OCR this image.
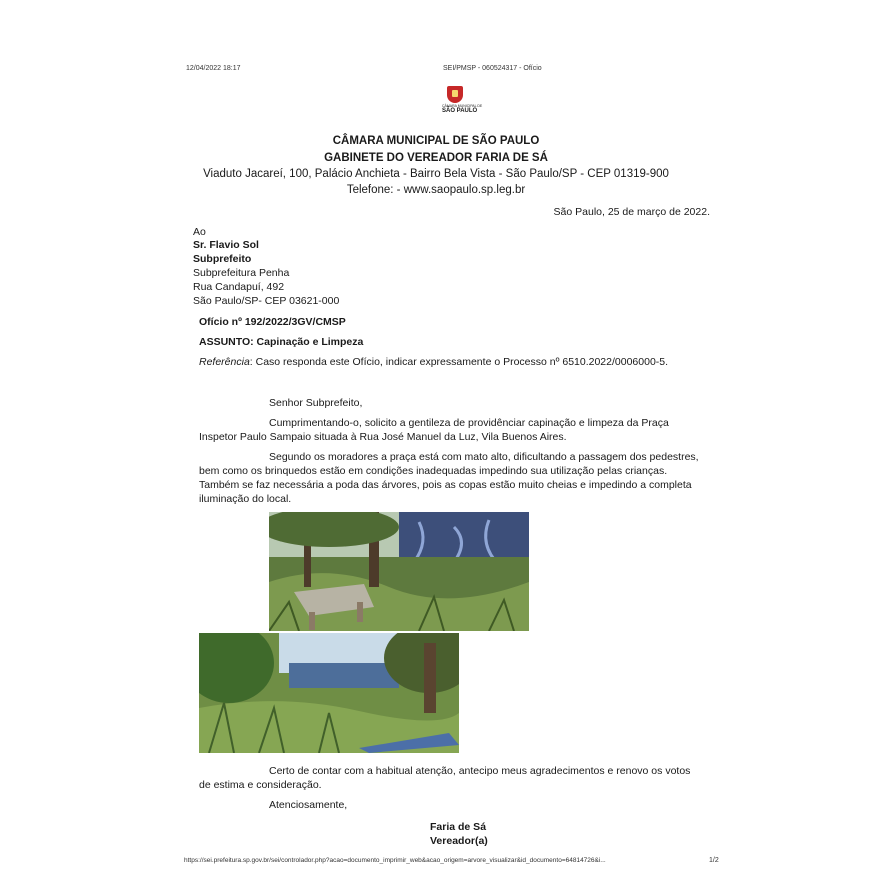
12/04/2022 18:17	SEI/PMSP - 060524317 - Ofício
CÂMARA MUNICIPAL DE
SÃO PAULO
CÂMARA MUNICIPAL DE SÃO PAULO
GABINETE DO VEREADOR FARIA DE SÁ
Viaduto Jacareí, 100, Palácio Anchieta - Bairro Bela Vista - São Paulo/SP - CEP 01319-900
Telefone: - www.saopaulo.sp.leg.br
São Paulo, 25 de março de 2022.
Ao
Sr. Flavio Sol
Subprefeito
Subprefeitura Penha
Rua Candapuí, 492
São Paulo/SP- CEP 03621-000
Ofício nº 192/2022/3GV/CMSP
ASSUNTO: Capinação e Limpeza
Referência: Caso responda este Ofício, indicar expressamente o Processo nº 6510.2022/0006000-5.
Senhor Subprefeito,
Cumprimentando-o, solicito a gentileza de providênciar capinação e limpeza da Praça
Inspetor Paulo Sampaio situada à Rua José Manuel da Luz, Vila Buenos Aires.
Segundo os moradores a praça está com mato alto, dificultando a passagem dos pedestres,
bem como os brinquedos estão em condições inadequadas impedindo sua utilização pelas crianças.
Também se faz necessária a poda das árvores, pois as copas estão muito cheias e impedindo a completa
iluminação do local.
Certo de contar com a habitual atenção, antecipo meus agradecimentos e renovo os votos
de estima e consideração.
Atenciosamente,
Faria de Sá
Vereador(a)
https://sei.prefeitura.sp.gov.br/sei/controlador.php?acao=documento_imprimir_web&acao_origem=arvore_visualizar&id_documento=64814726&i...	1/2
